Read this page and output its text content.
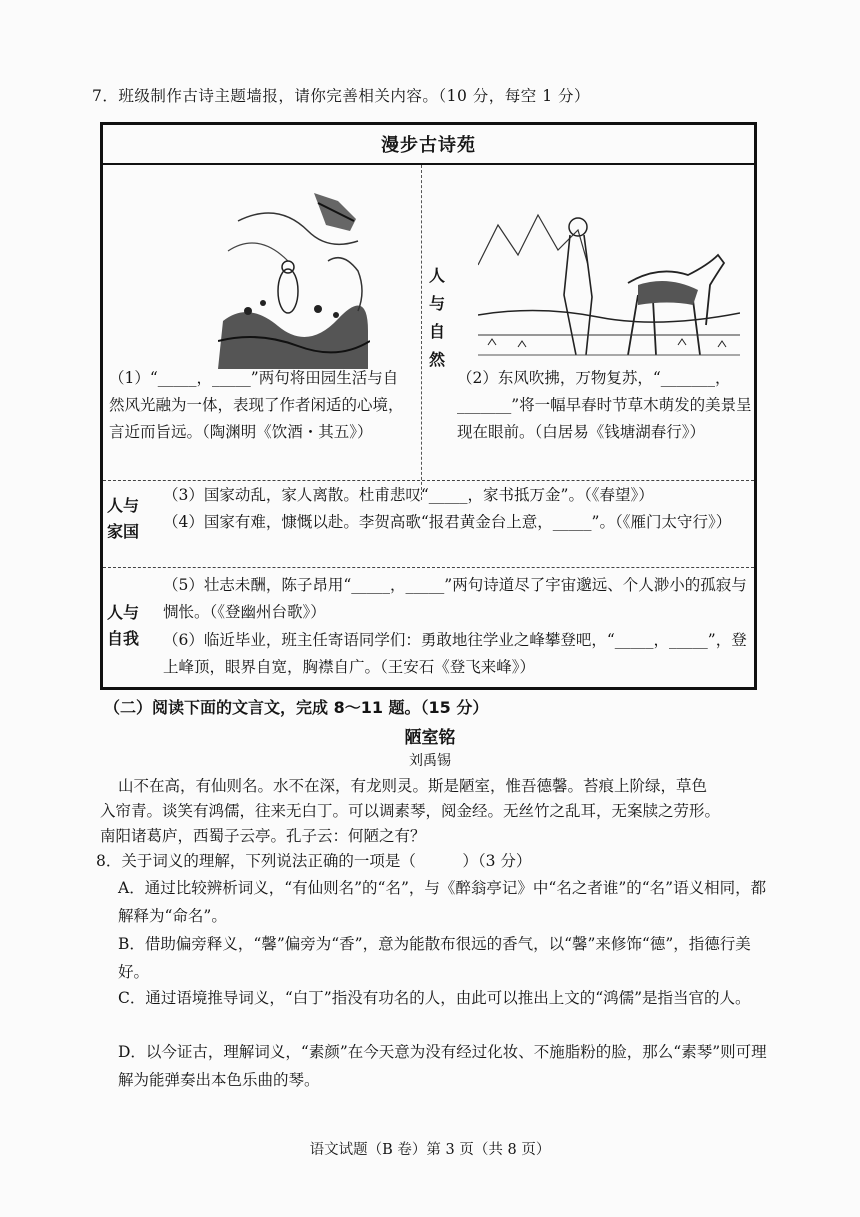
7．班级制作古诗主题墙报，请你完善相关内容。（10 分，每空 1 分）
漫步古诗苑
人
与
自
然
（1）“_____，_____”两句将田园生活与自然风光融为一体，表现了作者闲适的心境，言近而旨远。（陶渊明《饮酒・其五》）
（2）东风吹拂，万物复苏，“_______，_______”将一幅早春时节草木萌发的美景呈现在眼前。（白居易《钱塘湖春行》）
人与家国
（3）国家动乱，家人离散。杜甫悲叹“_____，家书抵万金”。（《春望》）
（4）国家有难，慷慨以赴。李贺高歌“报君黄金台上意，_____”。（《雁门太守行》）
人与自我
（5）壮志未酬，陈子昂用“_____，_____”两句诗道尽了宇宙邈远、个人渺小的孤寂与惆怅。（《登幽州台歌》）
（6）临近毕业，班主任寄语同学们：勇敢地往学业之峰攀登吧，“_____，_____”，登上峰顶，眼界自宽，胸襟自广。（王安石《登飞来峰》）
（二）阅读下面的文言文，完成 8～11 题。（15 分）
陋室铭
刘禹锡
山不在高，有仙则名。水不在深，有龙则灵。斯是陋室，惟吾德馨。苔痕上阶绿，草色
入帘青。谈笑有鸿儒，往来无白丁。可以调素琴，阅金经。无丝竹之乱耳，无案牍之劳形。
南阳诸葛庐，西蜀子云亭。孔子云：何陋之有？
8．关于词义的理解，下列说法正确的一项是（　　　）（3 分）
A．通过比较辨析词义，“有仙则名”的“名”，与《醉翁亭记》中“名之者谁”的“名”语义相同，都解释为“命名”。
B．借助偏旁释义，“馨”偏旁为“香”，意为能散布很远的香气，以“馨”来修饰“德”，指德行美好。
C．通过语境推导词义，“白丁”指没有功名的人，由此可以推出上文的“鸿儒”是指当官的人。
D．以今证古，理解词义，“素颜”在今天意为没有经过化妆、不施脂粉的脸，那么“素琴”则可理解为能弹奏出本色乐曲的琴。
语文试题（B 卷）第 3 页（共 8 页）
